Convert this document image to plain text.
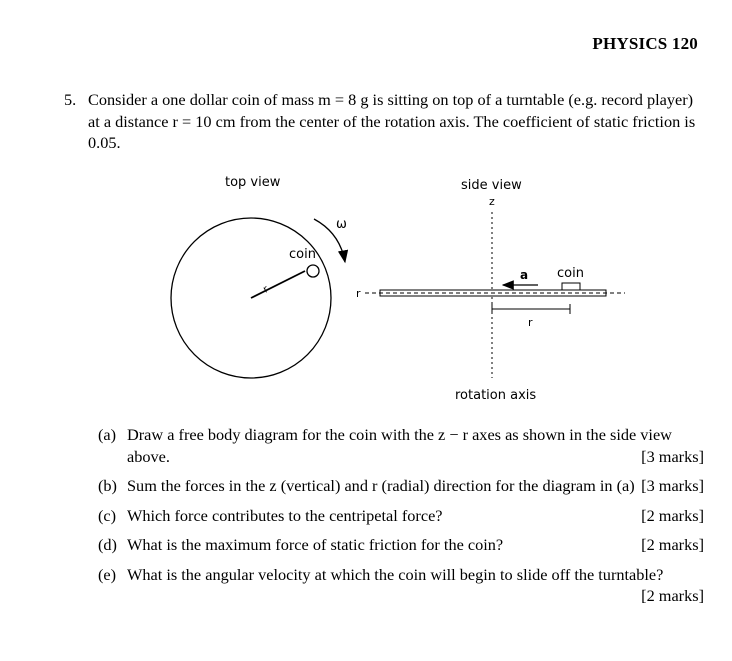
PHYSICS 120
5. Consider a one dollar coin of mass m = 8 g is sitting on top of a turntable (e.g. record player) at a distance r = 10 cm from the center of the rotation axis. The coefficient of static friction is 0.05.
top view
coin
r
ω
side view
z
r
coin
a
r
rotation axis
(a) Draw a free body diagram for the coin with the z − r axes as shown in the side view above.	[3 marks]
(b) Sum the forces in the z (vertical) and r (radial) direction for the diagram in (a) [3 marks]
(c) Which force contributes to the centripetal force?	[2 marks]
(d) What is the maximum force of static friction for the coin?	[2 marks]
(e) What is the angular velocity at which the coin will begin to slide off the turntable?
[2 marks]
